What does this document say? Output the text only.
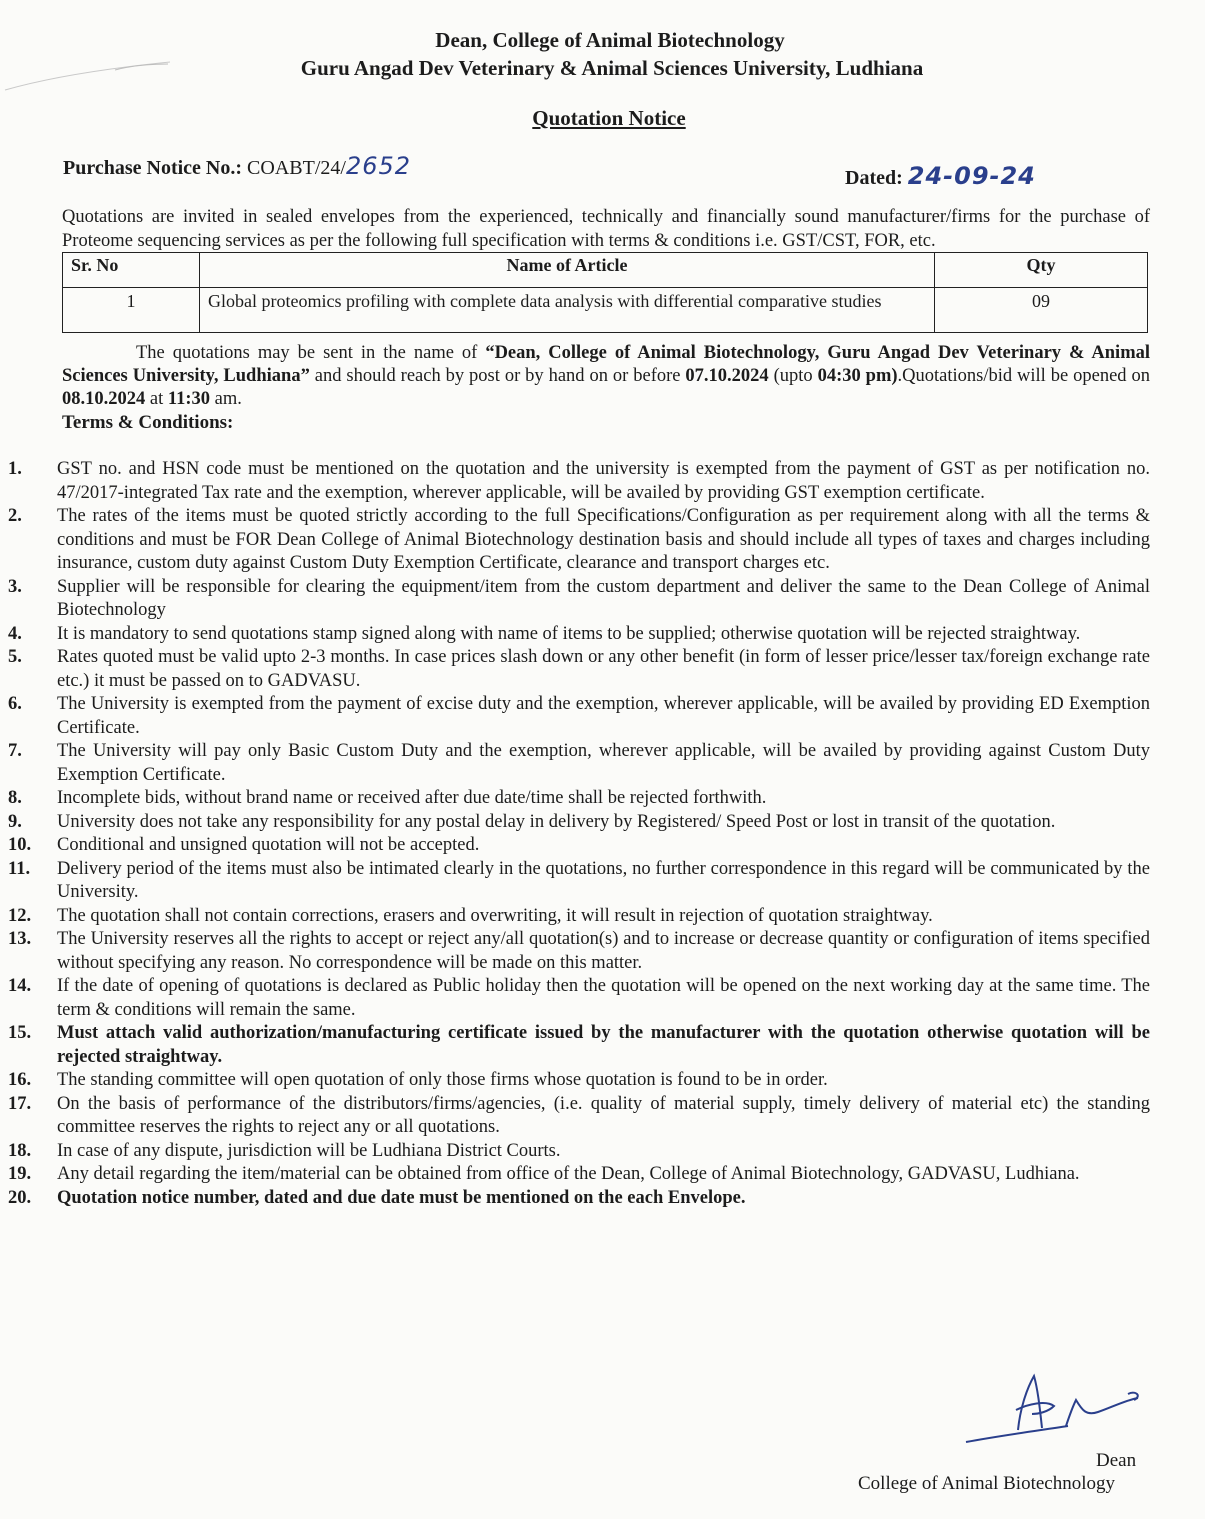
Dean, College of Animal Biotechnology
Guru Angad Dev Veterinary & Animal Sciences University, Ludhiana
Quotation Notice
Purchase Notice No.: COABT/24/2652	Dated: 24-09-24
Quotations are invited in sealed envelopes from the experienced, technically and financially sound manufacturer/firms for the purchase of Proteome sequencing services as per the following full specification with terms & conditions i.e. GST/CST, FOR, etc.
Sr. No	Name of Article	Qty
1	Global proteomics profiling with complete data analysis with differential comparative studies	09
The quotations may be sent in the name of “Dean, College of Animal Biotechnology, Guru Angad Dev Veterinary & Animal Sciences University, Ludhiana” and should reach by post or by hand on or before 07.10.2024 (upto 04:30 pm).Quotations/bid will be opened on 08.10.2024 at 11:30 am.
Terms & Conditions:
1. GST no. and HSN code must be mentioned on the quotation and the university is exempted from the payment of GST as per notification no. 47/2017-integrated Tax rate and the exemption, wherever applicable, will be availed by providing GST exemption certificate.
2. The rates of the items must be quoted strictly according to the full Specifications/Configuration as per requirement along with all the terms & conditions and must be FOR Dean College of Animal Biotechnology destination basis and should include all types of taxes and charges including insurance, custom duty against Custom Duty Exemption Certificate, clearance and transport charges etc.
3. Supplier will be responsible for clearing the equipment/item from the custom department and deliver the same to the Dean College of Animal Biotechnology
4. It is mandatory to send quotations stamp signed along with name of items to be supplied; otherwise quotation will be rejected straightway.
5. Rates quoted must be valid upto 2-3 months. In case prices slash down or any other benefit (in form of lesser price/lesser tax/foreign exchange rate etc.) it must be passed on to GADVASU.
6. The University is exempted from the payment of excise duty and the exemption, wherever applicable, will be availed by providing ED Exemption Certificate.
7. The University will pay only Basic Custom Duty and the exemption, wherever applicable, will be availed by providing against Custom Duty Exemption Certificate.
8. Incomplete bids, without brand name or received after due date/time shall be rejected forthwith.
9. University does not take any responsibility for any postal delay in delivery by Registered/ Speed Post or lost in transit of the quotation.
10. Conditional and unsigned quotation will not be accepted.
11. Delivery period of the items must also be intimated clearly in the quotations, no further correspondence in this regard will be communicated by the University.
12. The quotation shall not contain corrections, erasers and overwriting, it will result in rejection of quotation straightway.
13. The University reserves all the rights to accept or reject any/all quotation(s) and to increase or decrease quantity or configuration of items specified without specifying any reason. No correspondence will be made on this matter.
14. If the date of opening of quotations is declared as Public holiday then the quotation will be opened on the next working day at the same time. The term & conditions will remain the same.
15. Must attach valid authorization/manufacturing certificate issued by the manufacturer with the quotation otherwise quotation will be rejected straightway.
16. The standing committee will open quotation of only those firms whose quotation is found to be in order.
17. On the basis of performance of the distributors/firms/agencies, (i.e. quality of material supply, timely delivery of material etc) the standing committee reserves the rights to reject any or all quotations.
18. In case of any dispute, jurisdiction will be Ludhiana District Courts.
19. Any detail regarding the item/material can be obtained from office of the Dean, College of Animal Biotechnology, GADVASU, Ludhiana.
20. Quotation notice number, dated and due date must be mentioned on the each Envelope.
Dean
College of Animal Biotechnology
